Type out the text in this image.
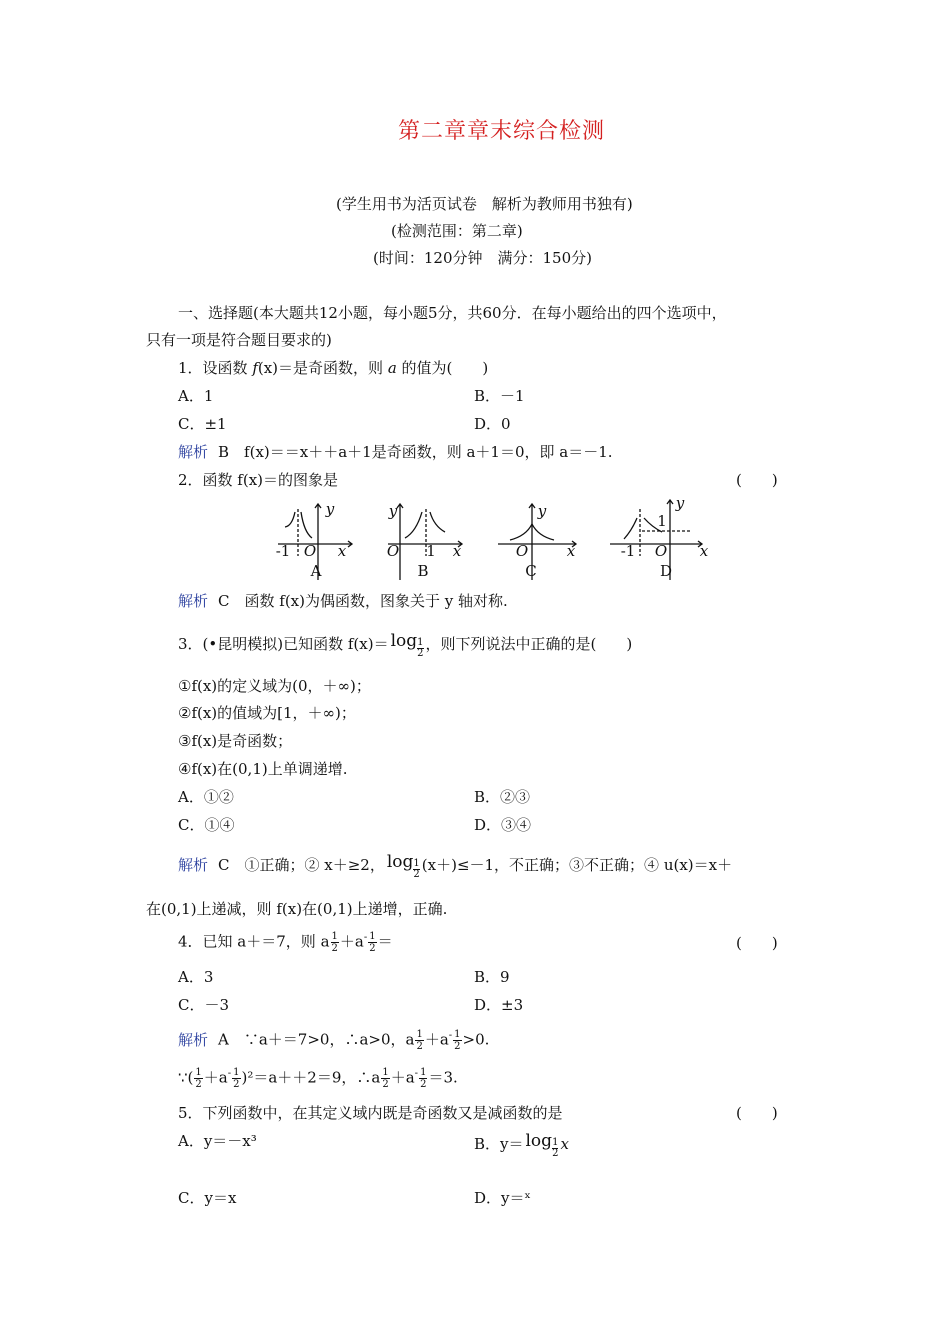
第二章章末综合检测
(学生用书为活页试卷　解析为教师用书独有)
(检测范围：第二章)
(时间：120分钟　满分：150分)
一、选择题(本大题共12小题，每小题5分，共60分．在每小题给出的四个选项中，
只有一项是符合题目要求的)
1．设函数 f(x)＝是奇函数，则 a 的值为(　　)
A．1	B．－1
C．±1	D．0
解析 B　f(x)＝＝x＋＋a＋1是奇函数，则 a＋1＝0，即 a＝－1.
2．函数 f(x)＝的图象是	(　　)
y
-1 O x
A
y
O 1 x
B
y
O	x
C
y
1
-1 O x
D
解析 C　函数 f(x)为偶函数，图象关于 y 轴对称.
3．(•昆明模拟)已知函数 $f(x)= \log \frac{1}{2}$ ，则下列说法中正确的是(　　)
①f(x)的定义域为(0，＋∞)；
②f(x)的值域为[1，＋∞)；
③f(x)是奇函数；
④f(x)在(0,1)上单调递增.
A．①②	B．②③
C．①④	D．③④
解析 C　①正确；② x＋≥2， $\log \frac{1}{2} (x+)\le-1$，不正确；③不正确；④ u(x)＝x＋
在(0,1)上递减，则 f(x)在(0,1)上递增，正确.
4．已知 a＋＝7，则 a $\frac{1}{2} +a^- \frac{1}{2}$ ＝	(　　)
A．3	B．9
C．－3	D．±3
解析 A　∵a＋＝7>0，∴a>0，a $\frac{1}{2} +a^- \frac{1}{2} >0$.
∵( $\frac{1}{2} +a^- \frac{1}{2} )^2=a++2=9$，∴a $\frac{1}{2} +a^- \frac{1}{2} =3$.
5．下列函数中，在其定义域内既是奇函数又是减函数的是	(　　)
A．y＝－x³	B．$y= \log \frac{1}{2}$ x
C．y＝x	D．y＝ˣ
